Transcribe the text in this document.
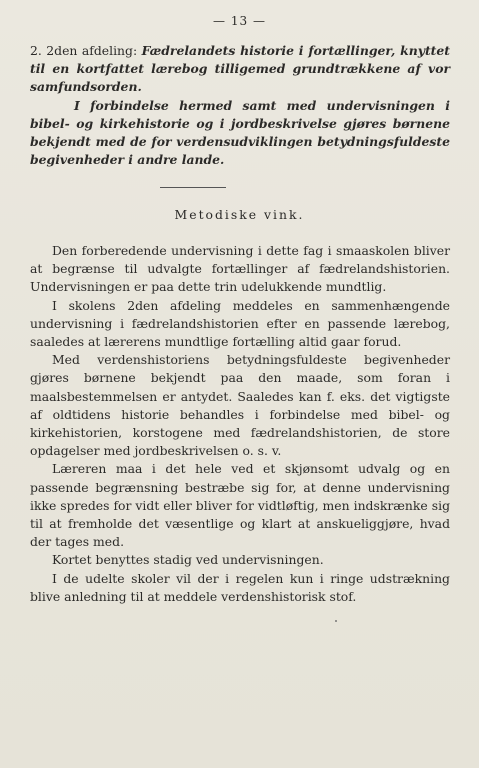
— 13 —

2. 2den afdeling: Fædrelandets historie i fortællinger, knyttet til en kortfattet lærebog tilligemed grundtrækkene af vor samfundsorden.

I forbindelse hermed samt med undervisningen i bibel- og kirkehistorie og i jordbeskrivelse gjøres børnene bekjendt med de for verdensudviklingen betydningsfuldeste begivenheder i andre lande.

Metodiske vink.

Den forberedende undervisning i dette fag i smaaskolen bliver at begrænse til udvalgte fortællinger af fædrelandshistorien. Undervisningen er paa dette trin udelukkende mundtlig.

I skolens 2den afdeling meddeles en sammenhængende undervisning i fædrelandshistorien efter en passende lærebog, saaledes at lærerens mundtlige fortælling altid gaar forud.

Med verdenshistoriens betydningsfuldeste begivenheder gjøres børnene bekjendt paa den maade, som foran i maalsbestemmelsen er antydet. Saaledes kan f. eks. det vigtigste af oldtidens historie behandles i forbindelse med bibel- og kirkehistorien, korstogene med fædrelandshistorien, de store opdagelser med jordbeskrivelsen o. s. v.

Læreren maa i det hele ved et skjønsomt udvalg og en passende begrænsning bestræbe sig for, at denne undervisning ikke spredes for vidt eller bliver for vidtløftig, men indskrænke sig til at fremholde det væsentlige og klart at anskueliggjøre, hvad der tages med.

Kortet benyttes stadig ved undervisningen.

I de udelte skoler vil der i regelen kun i ringe udstrækning blive anledning til at meddele verdenshistorisk stof.
